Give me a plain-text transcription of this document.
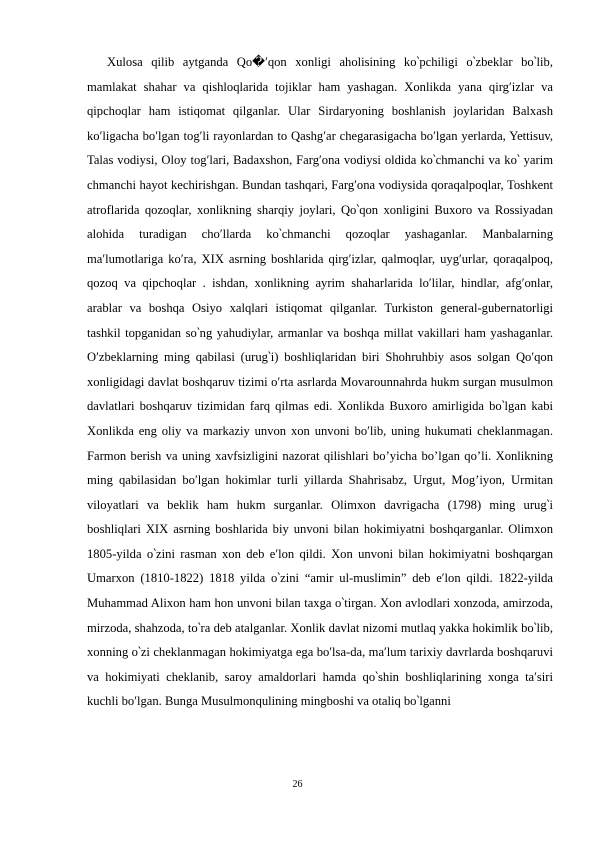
Xulosa qilib aytganda Qo�′qon xonligi aholisining ko‵pchiligi o‵zbeklar bo‵lib, mamlakat shahar va qishloqlarida tojiklar ham yashagan. Xonlikda yana qirg′izlar va qipchoqlar ham istiqomat qilganlar. Ular Sirdaryoning boshlanish joylaridan Balxash ko′ligacha bo′lgan tog′li rayonlardan to Qashg′ar chegarasigacha bo′lgan yerlarda, Yettisuv, Talas vodiysi, Oloy tog′lari, Badaxshon, Farg′ona vodiysi oldida ko‵chmanchi va ko‵ yarim chmanchi hayot kechirishgan. Bundan tashqari, Farg′ona vodiysida qoraqalpoqlar, Toshkent atroflarida qozoqlar, xonlikning sharqiy joylari, Qo‵qon xonligini Buxoro va Rossiyadan alohida turadigan cho′llarda ko‵chmanchi qozoqlar yashaganlar. Manbalarning ma′lumotlariga ko′ra, XIX asrning boshlarida qirg′izlar, qalmoqlar, uyg′urlar, qoraqalpoq, qozoq va qipchoqlar . ishdan, xonlikning ayrim shaharlarida lo′lilar, hindlar, afg′onlar, arablar va boshqa Osiyo xalqlari istiqomat qilganlar. Turkiston general-gubernatorligi tashkil topganidan so‵ng yahudiylar, armanlar va boshqa millat vakillari ham yashaganlar. O′zbeklarning ming qabilasi (urug‵i) boshliqlaridan biri Shohruhbiy asos solgan Qo′qon xonligidagi davlat boshqaruv tizimi o′rta asrlarda Movarounnahrda hukm surgan musulmon davlatlari boshqaruv tizimidan farq qilmas edi. Xonlikda Buxoro amirligida bo‵lgan kabi Xonlikda eng oliy va markaziy unvon xon unvoni bo′lib, uning hukumati cheklanmagan. Farmon berish va uning xavfsizligini nazorat qilishlari bo’yicha bo’lgan qo’li. Xonlikning ming qabilasidan bo′lgan hokimlar turli yillarda Shahrisabz, Urgut, Mog’iyon, Urmitan viloyatlari va beklik ham hukm surganlar. Olimxon davrigacha (1798) ming urug‵i boshliqlari XIX asrning boshlarida biy unvoni bilan hokimiyatni boshqarganlar. Olimxon 1805-yilda o‵zini rasman xon deb e′lon qildi. Xon unvoni bilan hokimiyatni boshqargan Umarxon (1810-1822) 1818 yilda o‵zini “amir ul-muslimin” deb e′lon qildi. 1822-yilda Muhammad Alixon ham hon unvoni bilan taxga o‵tirgan. Xon avlodlari xonzoda, amirzoda, mirzoda, shahzoda, to‵ra deb atalganlar. Xonlik davlat nizomi mutlaq yakka hokimlik bo‵lib, xonning o‵zi cheklanmagan hokimiyatga ega bo′lsa-da, ma′lum tarixiy davrlarda boshqaruvi va hokimiyati cheklanib, saroy amaldorlari hamda qo‵shin boshliqlarining xonga ta′siri kuchli bo′lgan. Bunga Musulmonqulining mingboshi va otaliq bo‵lganni

26
